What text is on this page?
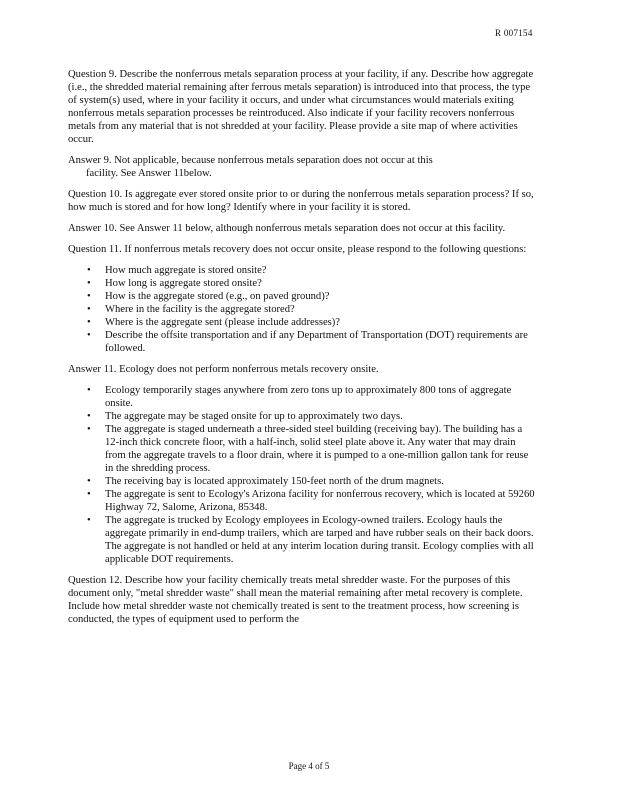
R 007154

Question 9. Describe the nonferrous metals separation process at your facility, if any. Describe how aggregate (i.e., the shredded material remaining after ferrous metals separation) is introduced into that process, the type of system(s) used, where in your facility it occurs, and under what circumstances would materials exiting nonferrous metals separation processes be reintroduced. Also indicate if your facility recovers nonferrous metals from any material that is not shredded at your facility. Please provide a site map of where activities occur.

Answer 9. Not applicable, because nonferrous metals separation does not occur at this
facility. See Answer 11below.

Question 10. Is aggregate ever stored onsite prior to or during the nonferrous metals separation process? If so, how much is stored and for how long? Identify where in your facility it is stored.

Answer 10. See Answer 11 below, although nonferrous metals separation does not occur at this facility.

Question 11. If nonferrous metals recovery does not occur onsite, please respond to the following questions:

• How much aggregate is stored onsite?
• How long is aggregate stored onsite?
• How is the aggregate stored (e.g., on paved ground)?
• Where in the facility is the aggregate stored?
• Where is the aggregate sent (please include addresses)?
• Describe the offsite transportation and if any Department of Transportation (DOT) requirements are followed.

Answer 11. Ecology does not perform nonferrous metals recovery onsite.

• Ecology temporarily stages anywhere from zero tons up to approximately 800 tons of aggregate onsite.
• The aggregate may be staged onsite for up to approximately two days.
• The aggregate is staged underneath a three-sided steel building (receiving bay). The building has a 12-inch thick concrete floor, with a half-inch, solid steel plate above it. Any water that may drain from the aggregate travels to a floor drain, where it is pumped to a one-million gallon tank for reuse in the shredding process.
• The receiving bay is located approximately 150-feet north of the drum magnets.
• The aggregate is sent to Ecology's Arizona facility for nonferrous recovery, which is located at 59260 Highway 72, Salome, Arizona, 85348.
• The aggregate is trucked by Ecology employees in Ecology-owned trailers. Ecology hauls the aggregate primarily in end-dump trailers, which are tarped and have rubber seals on their back doors. The aggregate is not handled or held at any interim location during transit. Ecology complies with all applicable DOT requirements.

Question 12. Describe how your facility chemically treats metal shredder waste. For the purposes of this document only, "metal shredder waste" shall mean the material remaining after metal recovery is complete. Include how metal shredder waste not chemically treated is sent to the treatment process, how screening is conducted, the types of equipment used to perform the

Page 4 of 5
